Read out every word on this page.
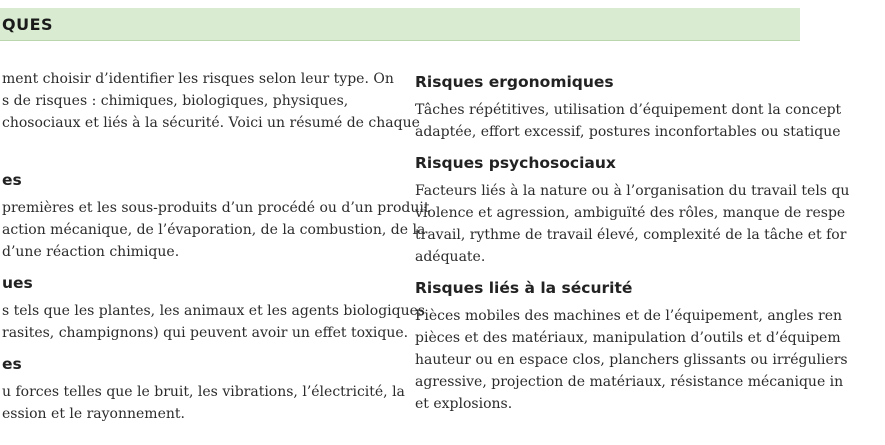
QUES

ment choisir d’identifier les risques selon leur type. On
s de risques : chimiques, biologiques, physiques,
chosociaux et liés à la sécurité. Voici un résumé de chaque

es

premières et les sous-produits d’un procédé ou d’un produit
action mécanique, de l’évaporation, de la combustion, de la
d’une réaction chimique.

ues

s tels que les plantes, les animaux et les agents biologiques
rasites, champignons) qui peuvent avoir un effet toxique.

es

u forces telles que le bruit, les vibrations, l’électricité, la
ession et le rayonnement.

Risques ergonomiques

Tâches répétitives, utilisation d’équipement dont la concept
adaptée, effort excessif, postures inconfortables ou statique

Risques psychosociaux

Facteurs liés à la nature ou à l’organisation du travail tels qu
violence et agression, ambiguïté des rôles, manque de respe
travail, rythme de travail élevé, complexité de la tâche et for
adéquate.

Risques liés à la sécurité

Pièces mobiles des machines et de l’équipement, angles ren
pièces et des matériaux, manipulation d’outils et d’équipem
hauteur ou en espace clos, planchers glissants ou irréguliers
agressive, projection de matériaux, résistance mécanique in
et explosions.
